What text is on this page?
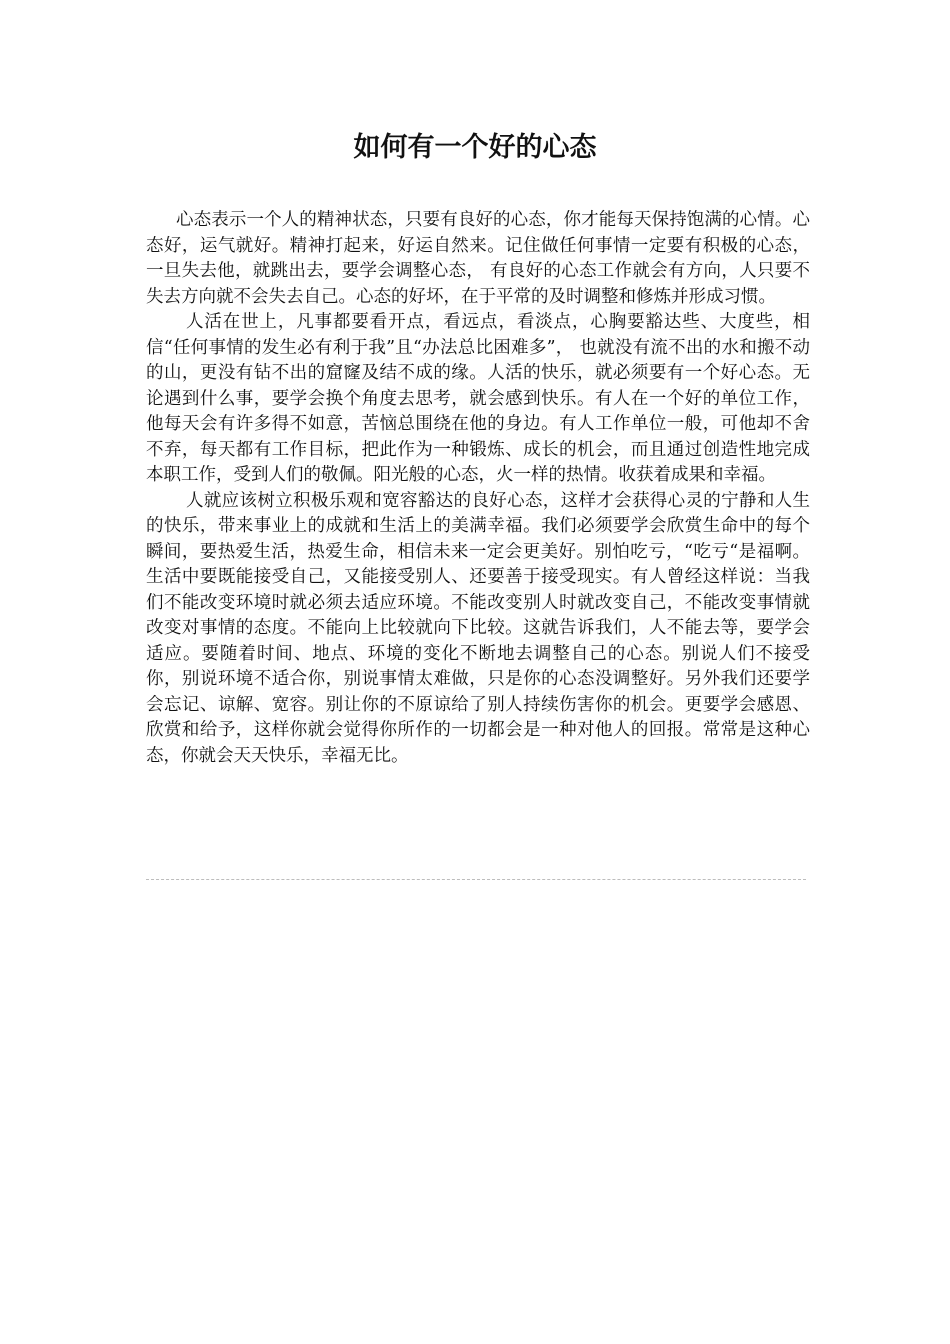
如何有一个好的心态

心态表示一个人的精神状态，只要有良好的心态，你才能每天保持饱满的心情。心态好，运气就好。精神打起来，好运自然来。记住做任何事情一定要有积极的心态，一旦失去他，就跳出去，要学会调整心态， 有良好的心态工作就会有方向，人只要不失去方向就不会失去自己。心态的好坏，在于平常的及时调整和修炼并形成习惯。

人活在世上，凡事都要看开点，看远点，看淡点，心胸要豁达些、大度些，相信“任何事情的发生必有利于我”且“办法总比困难多”， 也就没有流不出的水和搬不动的山，更没有钻不出的窟窿及结不成的缘。人活的快乐，就必须要有一个好心态。无论遇到什么事，要学会换个角度去思考，就会感到快乐。有人在一个好的单位工作，他每天会有许多得不如意，苦恼总围绕在他的身边。有人工作单位一般，可他却不舍不弃，每天都有工作目标，把此作为一种锻炼、成长的机会，而且通过创造性地完成本职工作，受到人们的敬佩。阳光般的心态，火一样的热情。收获着成果和幸福。

人就应该树立积极乐观和宽容豁达的良好心态，这样才会获得心灵的宁静和人生的快乐，带来事业上的成就和生活上的美满幸福。我们必须要学会欣赏生命中的每个瞬间，要热爱生活，热爱生命，相信未来一定会更美好。别怕吃亏，“吃亏“是福啊。生活中要既能接受自己，又能接受别人、还要善于接受现实。有人曾经这样说：当我们不能改变环境时就必须去适应环境。不能改变别人时就改变自己，不能改变事情就改变对事情的态度。不能向上比较就向下比较。这就告诉我们，人不能去等，要学会适应。要随着时间、地点、环境的变化不断地去调整自己的心态。别说人们不接受你，别说环境不适合你，别说事情太难做，只是你的心态没调整好。另外我们还要学会忘记、谅解、宽容。别让你的不原谅给了别人持续伤害你的机会。更要学会感恩、欣赏和给予，这样你就会觉得你所作的一切都会是一种对他人的回报。常常是这种心态，你就会天天快乐，幸福无比。
